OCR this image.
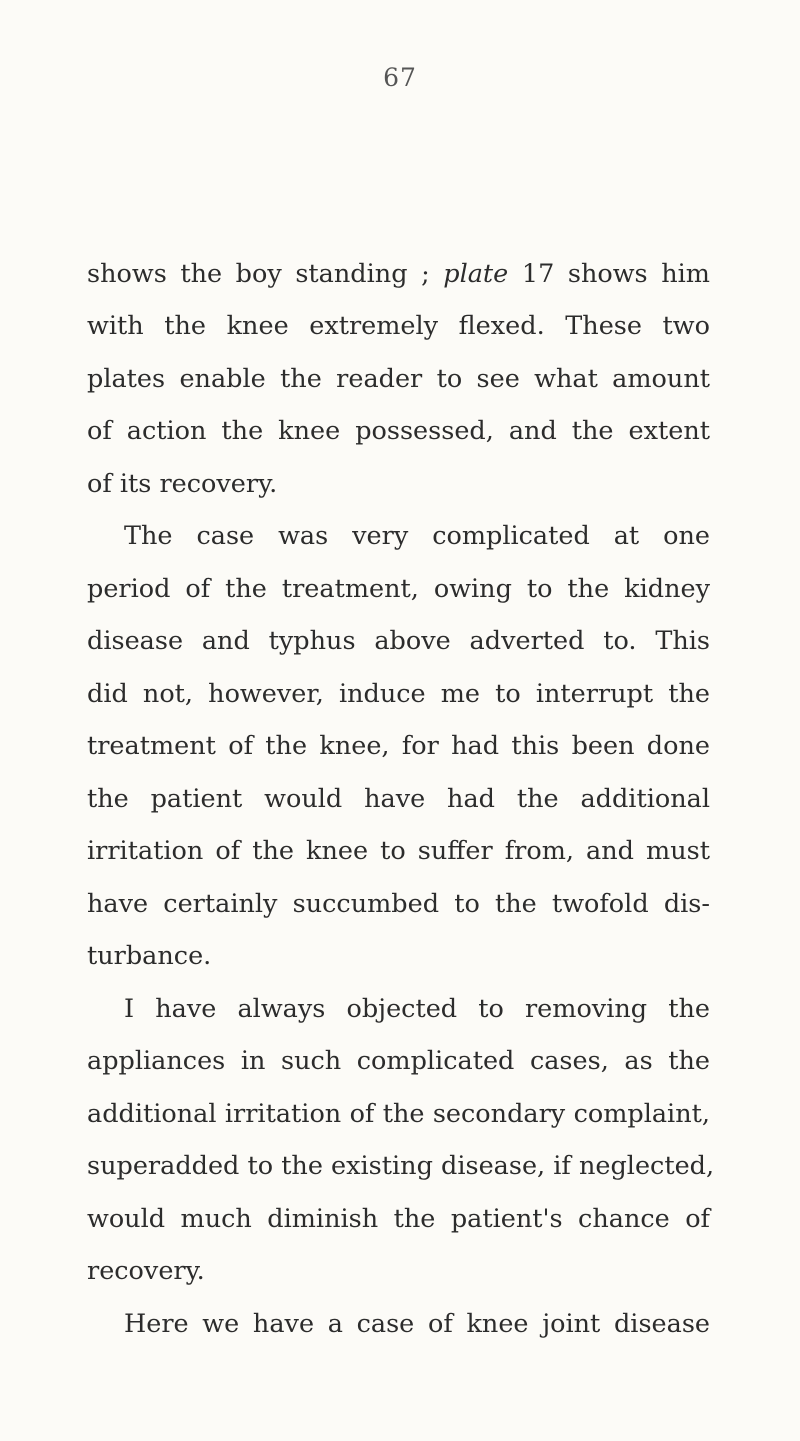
67
shows the boy standing ; plate 17 shows him
with the knee extremely flexed. These two
plates enable the reader to see what amount
of action the knee possessed, and the extent
of its recovery.
The case was very complicated at one
period of the treatment, owing to the kidney
disease and typhus above adverted to. This
did not, however, induce me to interrupt the
treatment of the knee, for had this been done
the patient would have had the additional
irritation of the knee to suffer from, and must
have certainly succumbed to the twofold dis-
turbance.
I have always objected to removing the
appliances in such complicated cases, as the
additional irritation of the secondary complaint,
superadded to the existing disease, if neglected,
would much diminish the patient's chance of
recovery.
Here we have a case of knee joint disease
